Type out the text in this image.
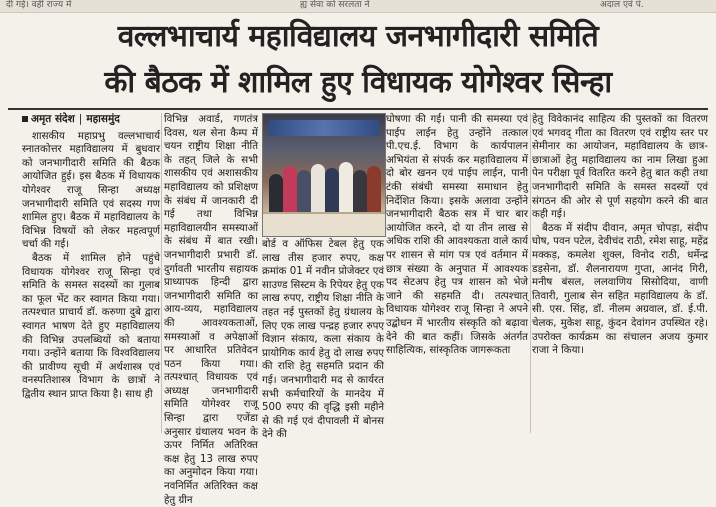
दी गई। वहीं राज्य में	ह्य सेवा को सरलता ने	अदाल एवं पं.
वल्लभाचार्य महाविद्यालय जनभागीदारी समिति
की बैठक में शामिल हुए विधायक योगेश्वर सिन्हा
अमृत संदेश | महासमुंद

शासकीय महाप्रभु वल्लभाचार्य स्नातकोत्तर महाविद्यालय में बुधवार को जनभागीदारी समिति की बैठक आयोजित हुई। इस बैठक में विधायक योगेश्वर राजू सिन्हा अध्यक्ष जनभागीदारी समिति एवं सदस्य गण शामिल हुए। बैठक में महाविद्यालय के विभिन्न विषयों को लेकर महत्वपूर्ण चर्चा की गई।

बैठक में शामिल होने पहुंचे विधायक योगेश्वर राजू सिन्हा एवं समिति के समस्त सदस्यों का गुलाब का फूल भेंट कर स्वागत किया गया। तत्पश्चात प्राचार्य डॉ. करुणा दुबे द्वारा स्वागत भाषण देते हुए महाविद्यालय की विभिन्न उपलब्धियों को बताया गया। उन्होंने बताया कि विश्वविद्यालय की प्रावीण्य सूची में अर्थशास्त्र एवं वनस्पतिशास्त्र विभाग के छात्रों ने द्वितीय स्थान प्राप्त किया है। साथ ही

विभिन्न अवार्ड, गणतंत्र दिवस, थल सेना कैम्प में चयन राष्ट्रीय शिक्षा नीति के तहत् जिले के सभी शासकीय एवं अशासकीय महाविद्यालय को प्रशिक्षण के संबंध में जानकारी दी गई तथा विभिन्न महाविद्यालयीन समस्याओं के संबंध में बात रखी। जनभागीदारी प्रभारी डॉ. दुर्गावती भारतीय सहायक प्राध्यापक हिन्दी द्वारा जनभागीदारी समिति का आय-व्यय, महाविद्यालय की आवश्यकताओं, समस्याओं व अपेक्षाओं पर आधारित प्रतिवेदन पठन किया गया। तत्पश्चात् विधायक एवं अध्यक्ष जनभागीदारी समिति योगेश्वर राजू सिन्हा द्वारा एजेंडा अनुसार ग्रंथालय भवन के ऊपर निर्मित अतिरिक्त कक्ष हेतु 13 लाख रुपए का अनुमोदन किया गया। नवनिर्मित अतिरिक्त कक्ष हेतु ग्रीन

बोर्ड व ऑफिस टेबल हेतु एक लाख तीस हजार रुपए, कक्ष क्रमांक 01 में नवीन प्रोजेक्टर एवं साउण्ड सिस्टम के रिपेयर हेतु एक लाख रुपए, राष्ट्रीय शिक्षा नीति के तहत नई पुस्तकों हेतु ग्रंथालय के लिए एक लाख पन्द्रह हजार रुपए विज्ञान संकाय, कला संकाय के प्रायोगिक कार्य हेतु दो लाख रुपए की राशि हेतु सहमति प्रदान की गई। जनभागीदारी मद से कार्यरत सभी कर्मचारियों के मानदेय में 500 रुपए की वृद्धि इसी महीने से की गई एवं दीपावली में बोनस देने की

घोषणा की गई। पानी की समस्या एवं पाईप लाईन हेतु उन्होंने तत्काल पी.एच.ई. विभाग के कार्यपालन अभियंता से संपर्क कर महाविद्यालय में दो बोर खनन एवं पाईप लाईन, पानी टंकी संबंधी समस्या समाधान हेतु निर्देशित किया। इसके अलावा उन्होंने जनभागीदारी बैठक सत्र में चार बार आयोजित करने, दो या तीन लाख से अधिक राशि की आवश्यकता वाले कार्य पर शासन से मांग पत्र एवं वर्तमान में छात्र संख्या के अनुपात में आवश्यक पद सेटअप हेतु पत्र शासन को भेजे जाने की सहमति दी। तत्पश्चात् विधायक योगेश्वर राजू सिन्हा ने अपने उद्बोधन में भारतीय संस्कृति को बढ़ावा देने की बात कहीं। जिसके अंतर्गत साहित्यिक, सांस्कृतिक जागरूकता

हेतु विवेकानंद साहित्य की पुस्तकों का वितरण एवं भगवद् गीता का वितरण एवं राष्ट्रीय स्तर पर सेमीनार का आयोजन, महाविद्यालय के छात्र-छात्राओं हेतु महाविद्यालय का नाम लिखा हुआ पेन परीक्षा पूर्व वितरित करने हेतु बात कही तथा जनभागीदारी समिति के समस्त सदस्यों एवं संगठन की ओर से पूर्ण सहयोग करने की बात कही गई।

बैठक में संदीप दीवान, अमृत चोपड़ा, संदीप घोष, पवन पटेल, देवीचंद राठी, रमेश साहू, महेंद्र मक्कड़, कमलेश शुक्ल, विनोद राठी, धर्मेन्द्र डड़सेना, डॉ. शैलनारायण गुप्ता, आनंद गिरी, मनीष बंसल, ललवाणिय सिसोदिया, वाणी तिवारी, गुलाब सेन सहित महाविद्यालय के डॉ. सी. एस. सिंह, डॉ. नीलम अग्रवाल, डॉ. ई.पी. चेलक, मुकेश साहू, कुंदन देवांगन उपस्थित रहे। उपरोक्त कार्यक्रम का संचालन अजय कुमार राजा ने किया।
